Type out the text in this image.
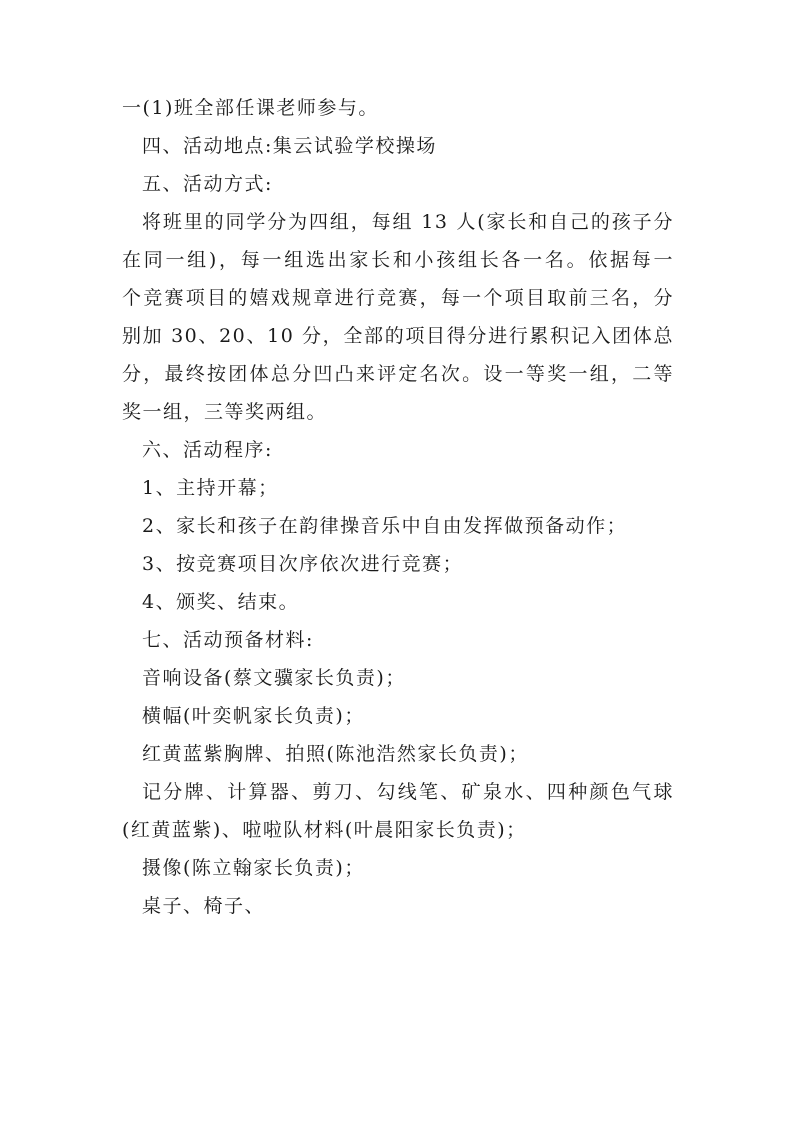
一(1)班全部任课老师参与。
四、活动地点:集云试验学校操场
五、活动方式:
将班里的同学分为四组，每组 13 人(家长和自己的孩子分
在同一组)，每一组选出家长和小孩组长各一名。依据每一
个竞赛项目的嬉戏规章进行竞赛，每一个项目取前三名，分
别加 30、20、10 分，全部的项目得分进行累积记入团体总
分，最终按团体总分凹凸来评定名次。设一等奖一组，二等
奖一组，三等奖两组。
六、活动程序:
1、主持开幕；
2、家长和孩子在韵律操音乐中自由发挥做预备动作；
3、按竞赛项目次序依次进行竞赛；
4、颁奖、结束。
七、活动预备材料:
音响设备(蔡文骥家长负责)；
横幅(叶奕帆家长负责)；
红黄蓝紫胸牌、拍照(陈池浩然家长负责)；
记分牌、计算器、剪刀、勾线笔、矿泉水、四种颜色气球
(红黄蓝紫)、啦啦队材料(叶晨阳家长负责)；
摄像(陈立翰家长负责)；
桌子、椅子、
